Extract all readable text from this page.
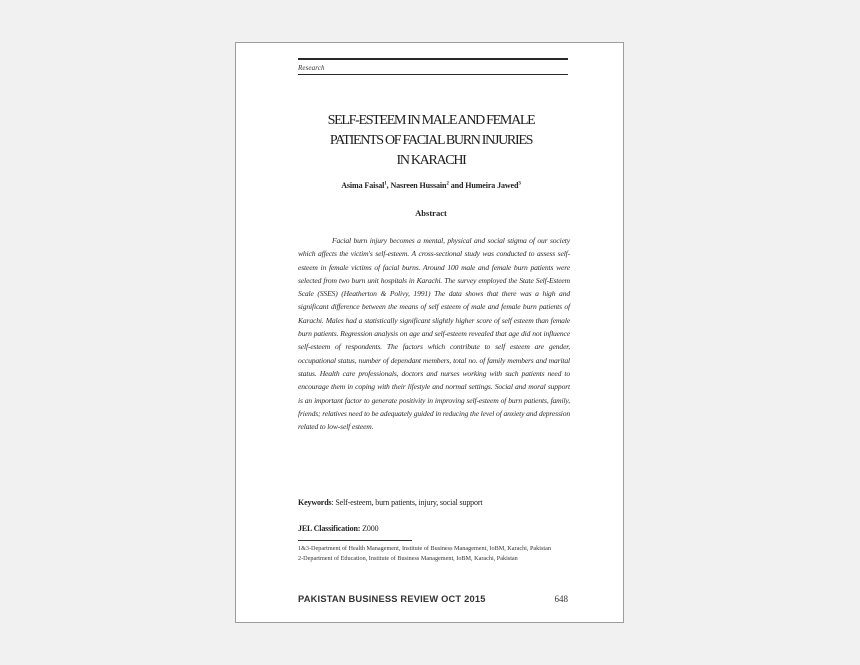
Research
SELF-ESTEEM IN MALE AND FEMALE
PATIENTS OF FACIAL BURN INJURIES
IN KARACHI
Asima Faisal$^1$, Nasreen Hussain$^2$ and Humeira Jawed$^3$
Abstract
Facial burn injury becomes a mental, physical and social stigma of our society which affects the victim's self-esteem. A cross-sectional study was conducted to assess self-esteem in female victims of facial burns. Around 100 male and female burn patients were selected from two burn unit hospitals in Karachi. The survey employed the State Self-Esteem Scale (SSES) (Heatherton & Polivy, 1991) The data shows that there was a high and significant difference between the means of self esteem of male and female burn patients of Karachi. Males had a statistically significant slightly higher score of self esteem than female burn patients. Regression analysis on age and self-esteem revealed that age did not influence self-esteem of respondents. The factors which contribute to self esteem are gender, occupational status, number of dependant members, total no. of family members and marital status. Health care professionals, doctors and nurses working with such patients need to encourage them in coping with their lifestyle and normal settings. Social and moral support is an important factor to generate positivity in improving self-esteem of burn patients, family, friends; relatives need to be adequately guided in reducing the level of anxiety and depression related to low-self esteem.
Keywords: Self-esteem, burn patients, injury, social support
JEL Classification: Z000

1&3-Department of Health Management, Institute of Business Management, IoBM, Karachi, Pakistan

2-Department of Education, Institute of Business Management, IoBM, Karachi, Pakistan

PAKISTAN BUSINESS REVIEW OCT 2015	648
